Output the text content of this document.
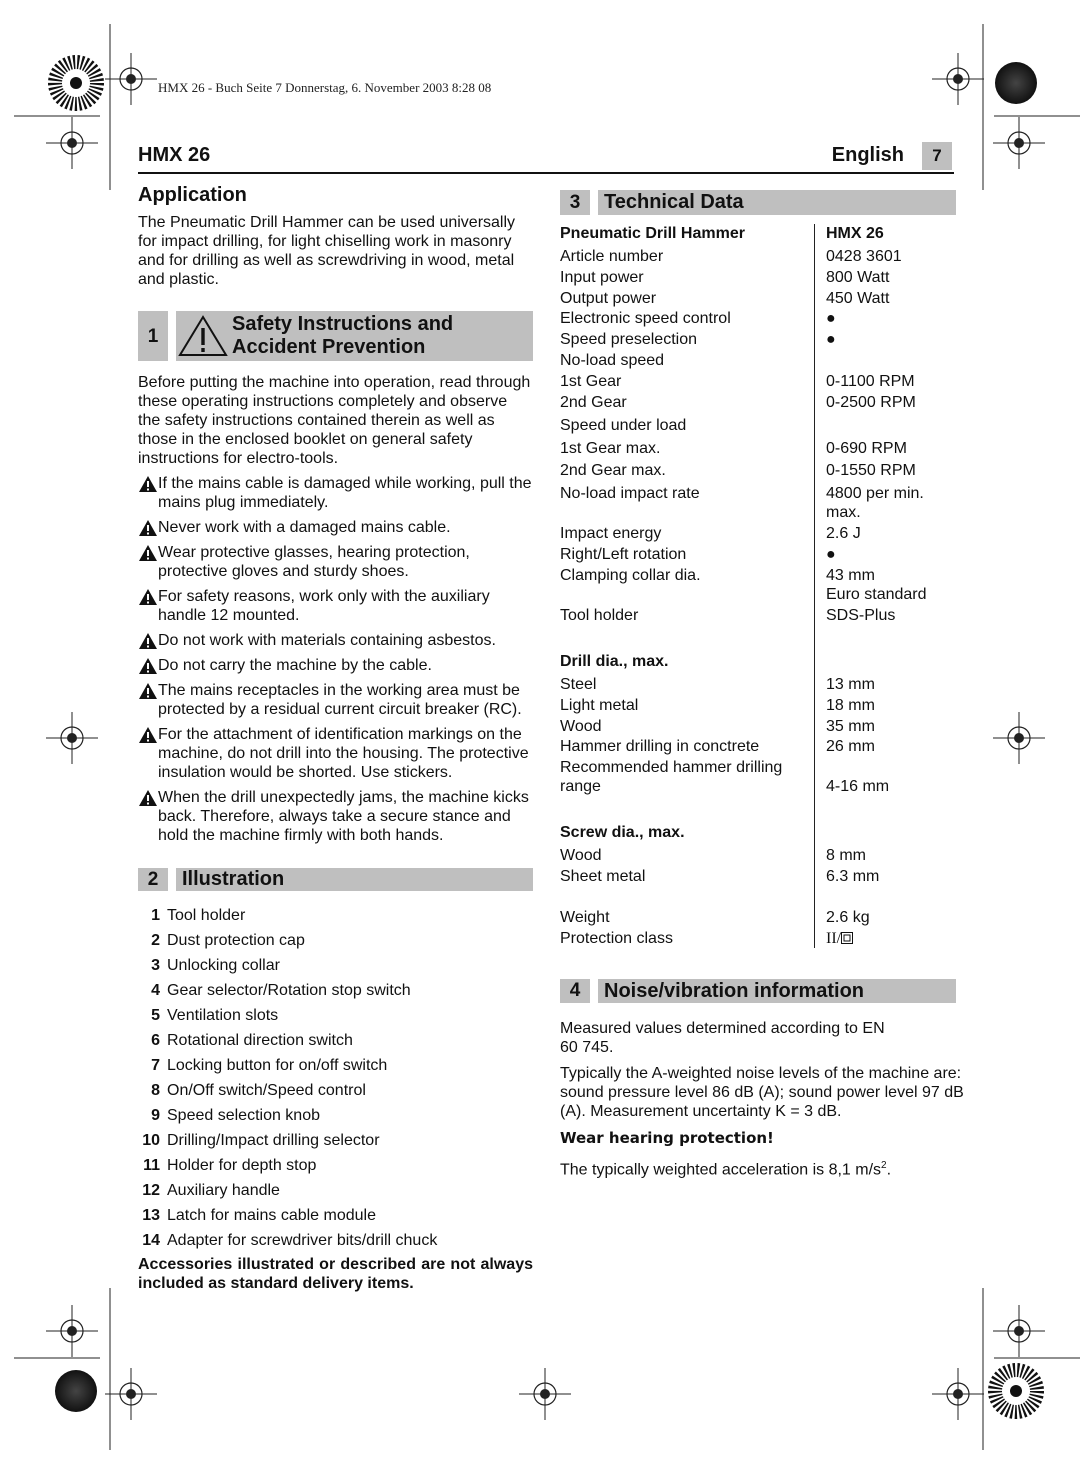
HMX 26 - Buch Seite 7 Donnerstag, 6. November 2003 8:28 08
HMX 26	English	7
Application

The Pneumatic Drill Hammer can be used universally for impact drilling, for light chiselling work in masonry and for drilling as well as screwdriving in wood, metal and plastic.

1
Safety Instructions and
Accident Prevention

Before putting the machine into operation, read through these operating instructions completely and observe the safety instructions contained therein as well as those in the enclosed booklet on general safety instructions for electro-tools.

If the mains cable is damaged while working, pull the mains plug immediately.
Never work with a damaged mains cable.
Wear protective glasses, hearing protection, protective gloves and sturdy shoes.
For safety reasons, work only with the auxiliary handle 12 mounted.
Do not work with materials containing asbestos.
Do not carry the machine by the cable.
The mains receptacles in the working area must be protected by a residual current circuit breaker (RC).
For the attachment of identification markings on the machine, do not drill into the housing. The protective insulation would be shorted. Use stickers.
When the drill unexpectedly jams, the machine kicks back. Therefore, always take a secure stance and hold the machine firmly with both hands.
2	Illustration
1 Tool holder
2 Dust protection cap
3 Unlocking collar
4 Gear selector/Rotation stop switch
5 Ventilation slots
6 Rotational direction switch
7 Locking button for on/off switch
8 On/Off switch/Speed control
9 Speed selection knob
10 Drilling/Impact drilling selector
11 Holder for depth stop
12 Auxiliary handle
13 Latch for mains cable module
14 Adapter for screwdriver bits/drill chuck

Accessories illustrated or described are not always included as standard delivery items.

3	Technical Data
Pneumatic Drill Hammer	HMX 26
Article number	0428 3601
Input power	800 Watt
Output power	450 Watt
Electronic speed control	●
Speed preselection	●
No-load speed
1st Gear	0-1100 RPM
2nd Gear	0-2500 RPM
Speed under load
1st Gear max.	0-690 RPM
2nd Gear max.	0-1550 RPM
No-load impact rate	4800 per min.
max.
Impact energy	2.6 J
Right/Left rotation	●
Clamping collar dia.	43 mm
Euro standard
Tool holder	SDS-Plus
Drill dia., max.
Steel	13 mm
Light metal	18 mm
Wood	35 mm
Hammer drilling in conctrete	26 mm
Recommended hammer drilling
range	4-16 mm
Screw dia., max.
Wood	8 mm
Sheet metal	6.3 mm
Weight	2.6 kg
Protection class	II/
4	Noise/vibration information

Measured values determined according to EN 60 745.

Typically the A-weighted noise levels of the machine are: sound pressure level 86 dB (A); sound power level 97 dB (A). Measurement uncertainty K = 3 dB.

Wear hearing protection!

The typically weighted acceleration is 8,1 $m/s^2$.
